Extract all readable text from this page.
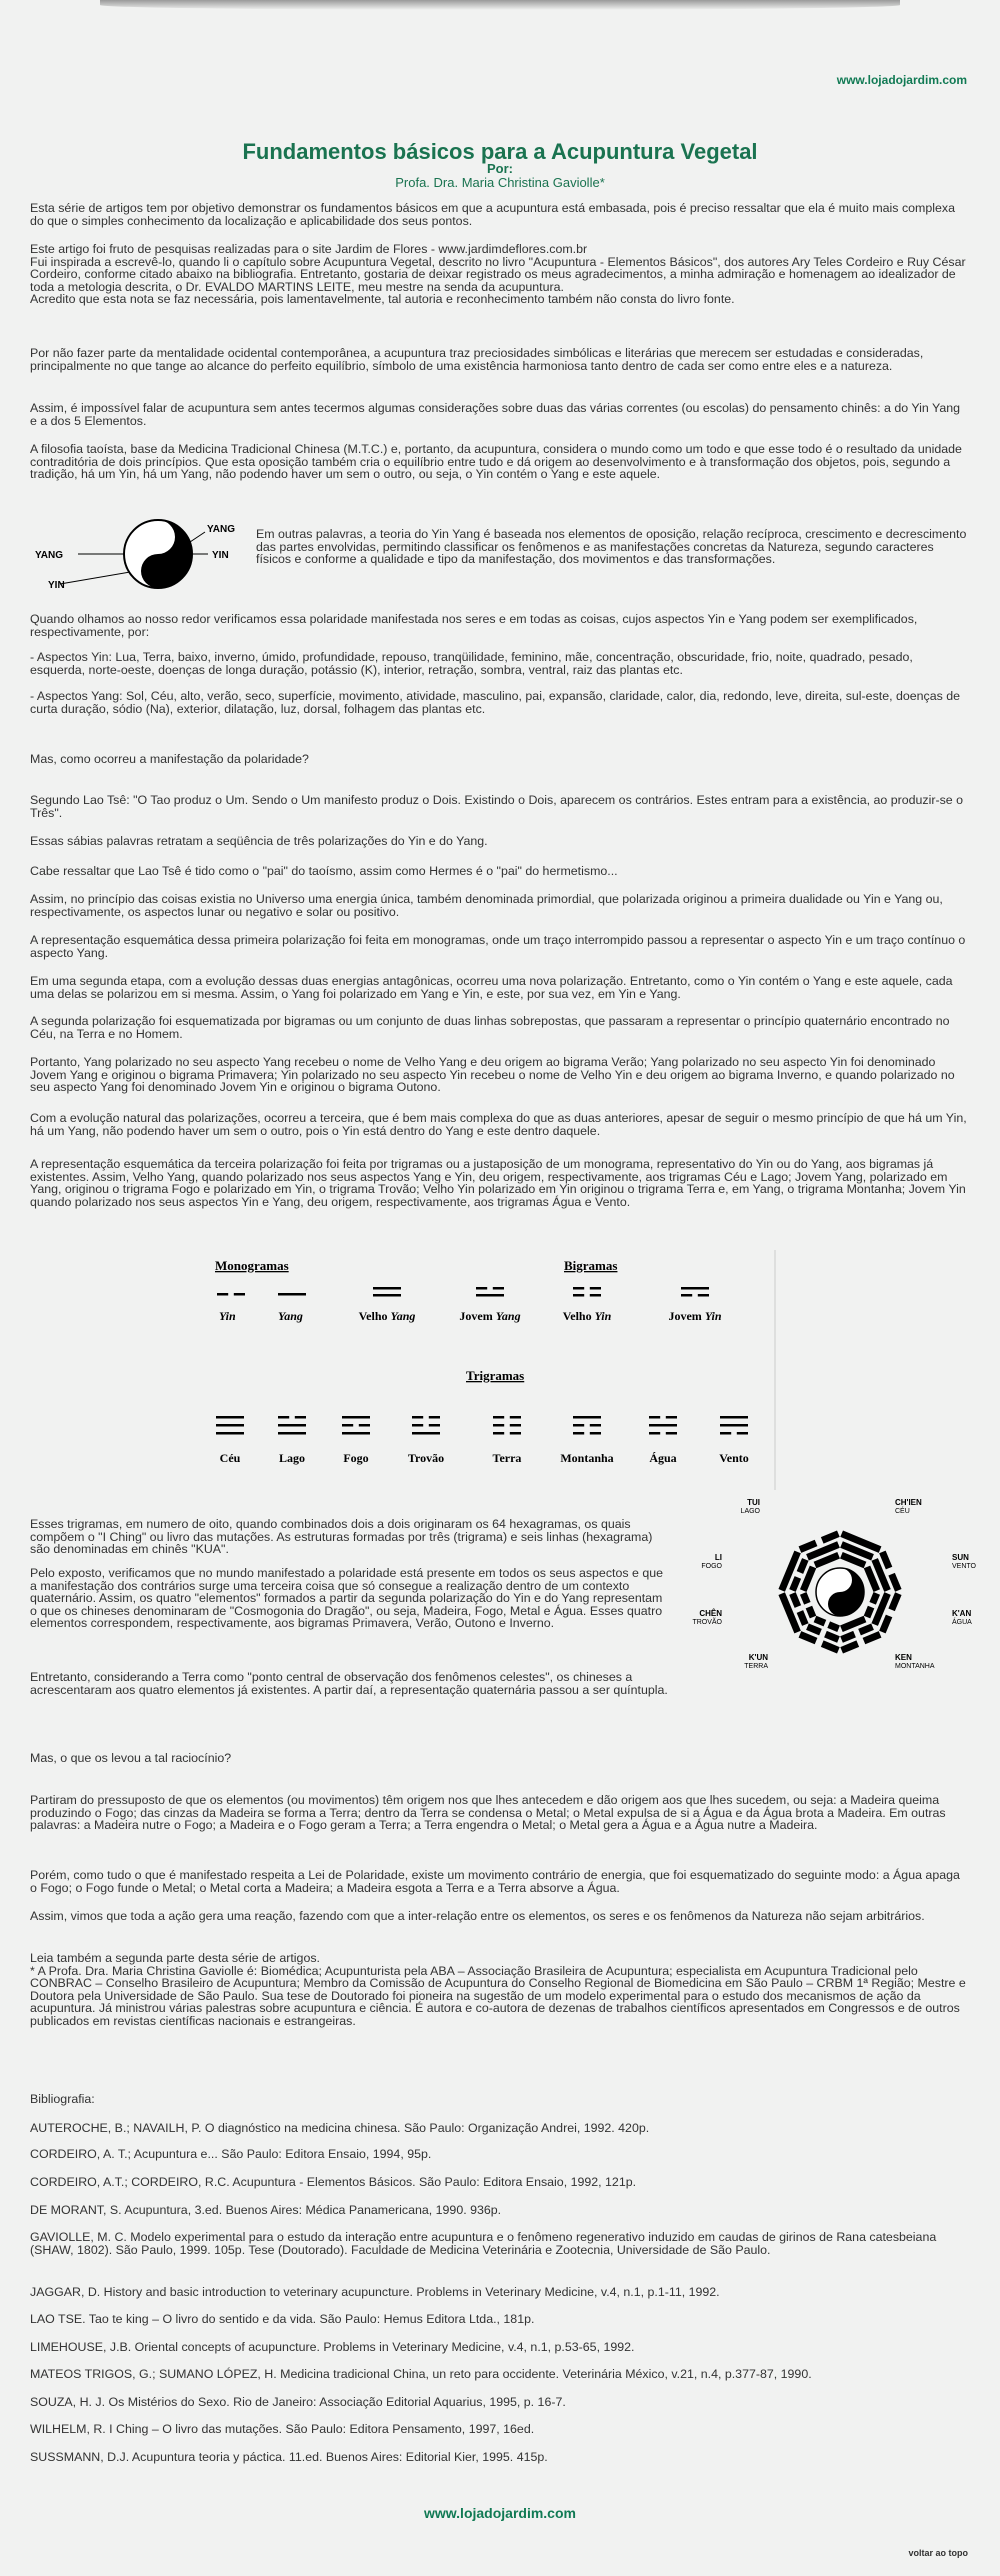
www.lojadojardim.com
Fundamentos básicos para a Acupuntura Vegetal
Por:
Profa. Dra. Maria Christina Gaviolle*

Esta série de artigos tem por objetivo demonstrar os fundamentos básicos em que a acupuntura está embasada, pois é preciso ressaltar que ela é muito mais complexa do que o simples conhecimento da localização e aplicabilidade dos seus pontos.

Este artigo foi fruto de pesquisas realizadas para o site Jardim de Flores - www.jardimdeflores.com.br
Fui inspirada a escrevê-lo, quando li o capítulo sobre Acupuntura Vegetal, descrito no livro "Acupuntura - Elementos Básicos", dos autores Ary Teles Cordeiro e Ruy César Cordeiro, conforme citado abaixo na bibliografia. Entretanto, gostaria de deixar registrado os meus agradecimentos, a minha admiração e homenagem ao idealizador de toda a metologia descrita, o Dr. EVALDO MARTINS LEITE, meu mestre na senda da acupuntura.
Acredito que esta nota se faz necessária, pois lamentavelmente, tal autoria e reconhecimento também não consta do livro fonte.

Por não fazer parte da mentalidade ocidental contemporânea, a acupuntura traz preciosidades simbólicas e literárias que merecem ser estudadas e consideradas, principalmente no que tange ao alcance do perfeito equilíbrio, símbolo de uma existência harmoniosa tanto dentro de cada ser como entre eles e a natureza.

Assim, é impossível falar de acupuntura sem antes tecermos algumas considerações sobre duas das várias correntes (ou escolas) do pensamento chinês: a do Yin Yang e a dos 5 Elementos.

A filosofia taoísta, base da Medicina Tradicional Chinesa (M.T.C.) e, portanto, da acupuntura, considera o mundo como um todo e que esse todo é o resultado da unidade contraditória de dois princípios. Que esta oposição também cria o equilíbrio entre tudo e dá origem ao desenvolvimento e à transformação dos objetos, pois, segundo a tradição, há um Yin, há um Yang, não podendo haver um sem o outro, ou seja, o Yin contém o Yang e este aquele.

Em outras palavras, a teoria do Yin Yang é baseada nos elementos de oposição, relação recíproca, crescimento e decrescimento das partes envolvidas, permitindo classificar os fenômenos e as manifestações concretas da Natureza, segundo caracteres físicos e conforme a qualidade e tipo da manifestação, dos movimentos e das transformações.

Quando olhamos ao nosso redor verificamos essa polaridade manifestada nos seres e em todas as coisas, cujos aspectos Yin e Yang podem ser exemplificados, respectivamente, por:

- Aspectos Yin: Lua, Terra, baixo, inverno, úmido, profundidade, repouso, tranqüilidade, feminino, mãe, concentração, obscuridade, frio, noite, quadrado, pesado, esquerda, norte-oeste, doenças de longa duração, potássio (K), interior, retração, sombra, ventral, raiz das plantas etc.

- Aspectos Yang: Sol, Céu, alto, verão, seco, superfície, movimento, atividade, masculino, pai, expansão, claridade, calor, dia, redondo, leve, direita, sul-este, doenças de curta duração, sódio (Na), exterior, dilatação, luz, dorsal, folhagem das plantas etc.

Mas, como ocorreu a manifestação da polaridade?

Segundo Lao Tsê: "O Tao produz o Um. Sendo o Um manifesto produz o Dois. Existindo o Dois, aparecem os contrários. Estes entram para a existência, ao produzir-se o Três".

Essas sábias palavras retratam a seqüência de três polarizações do Yin e do Yang.

Cabe ressaltar que Lao Tsê é tido como o "pai" do taoísmo, assim como Hermes é o "pai" do hermetismo...

Assim, no princípio das coisas existia no Universo uma energia única, também denominada primordial, que polarizada originou a primeira dualidade ou Yin e Yang ou, respectivamente, os aspectos lunar ou negativo e solar ou positivo.

A representação esquemática dessa primeira polarização foi feita em monogramas, onde um traço interrompido passou a representar o aspecto Yin e um traço contínuo o aspecto Yang.

Em uma segunda etapa, com a evolução dessas duas energias antagônicas, ocorreu uma nova polarização. Entretanto, como o Yin contém o Yang e este aquele, cada uma delas se polarizou em si mesma. Assim, o Yang foi polarizado em Yang e Yin, e este, por sua vez, em Yin e Yang.

A segunda polarização foi esquematizada por bigramas ou um conjunto de duas linhas sobrepostas, que passaram a representar o princípio quaternário encontrado no Céu, na Terra e no Homem.

Portanto, Yang polarizado no seu aspecto Yang recebeu o nome de Velho Yang e deu origem ao bigrama Verão; Yang polarizado no seu aspecto Yin foi denominado Jovem Yang e originou o bigrama Primavera; Yin polarizado no seu aspecto Yin recebeu o nome de Velho Yin e deu origem ao bigrama Inverno, e quando polarizado no seu aspecto Yang foi denominado Jovem Yin e originou o bigrama Outono.

Com a evolução natural das polarizações, ocorreu a terceira, que é bem mais complexa do que as duas anteriores, apesar de seguir o mesmo princípio de que há um Yin, há um Yang, não podendo haver um sem o outro, pois o Yin está dentro do Yang e este dentro daquele.

A representação esquemática da terceira polarização foi feita por trigramas ou a justaposição de um monograma, representativo do Yin ou do Yang, aos bigramas já existentes. Assim, Velho Yang, quando polarizado nos seus aspectos Yang e Yin, deu origem, respectivamente, aos trigramas Céu e Lago; Jovem Yang, polarizado em Yang, originou o trigrama Fogo e polarizado em Yin, o trigrama Trovão; Velho Yin polarizado em Yin originou o trigrama Terra e, em Yang, o trigrama Montanha; Jovem Yin quando polarizado nos seus aspectos Yin e Yang, deu origem, respectivamente, aos trigramas Água e Vento.

Esses trigramas, em numero de oito, quando combinados dois a dois originaram os 64 hexagramas, os quais compõem o "I Ching" ou livro das mutações. As estruturas formadas por três (trigrama) e seis linhas (hexagrama) são denominadas em chinês "KUA".

Pelo exposto, verificamos que no mundo manifestado a polaridade está presente em todos os seus aspectos e que a manifestação dos contrários surge uma terceira coisa que só consegue a realização dentro de um contexto quaternário. Assim, os quatro "elementos" formados a partir da segunda polarização do Yin e do Yang representam o que os chineses denominaram de "Cosmogonia do Dragão", ou seja, Madeira, Fogo, Metal e Água. Esses quatro elementos correspondem, respectivamente, aos bigramas Primavera, Verão, Outono e Inverno.

Entretanto, considerando a Terra como "ponto central de observação dos fenômenos celestes", os chineses a acrescentaram aos quatro elementos já existentes. A partir daí, a representação quaternária passou a ser quíntupla.

Mas, o que os levou a tal raciocínio?

Partiram do pressuposto de que os elementos (ou movimentos) têm origem nos que lhes antecedem e dão origem aos que lhes sucedem, ou seja: a Madeira queima produzindo o Fogo; das cinzas da Madeira se forma a Terra; dentro da Terra se condensa o Metal; o Metal expulsa de si a Água e da Água brota a Madeira. Em outras palavras: a Madeira nutre o Fogo; a Madeira e o Fogo geram a Terra; a Terra engendra o Metal; o Metal gera a Água e a Água nutre a Madeira.

Porém, como tudo o que é manifestado respeita a Lei de Polaridade, existe um movimento contrário de energia, que foi esquematizado do seguinte modo: a Água apaga o Fogo; o Fogo funde o Metal; o Metal corta a Madeira; a Madeira esgota a Terra e a Terra absorve a Água.

Assim, vimos que toda a ação gera uma reação, fazendo com que a inter-relação entre os elementos, os seres e os fenômenos da Natureza não sejam arbitrários.

Leia também a segunda parte desta série de artigos.
* A Profa. Dra. Maria Christina Gaviolle é: Biomédica; Acupunturista pela ABA – Associação Brasileira de Acupuntura; especialista em Acupuntura Tradicional pelo CONBRAC – Conselho Brasileiro de Acupuntura; Membro da Comissão de Acupuntura do Conselho Regional de Biomedicina em São Paulo – CRBM 1ª Região; Mestre e Doutora pela Universidade de São Paulo. Sua tese de Doutorado foi pioneira na sugestão de um modelo experimental para o estudo dos mecanismos de ação da acupuntura. Já ministrou várias palestras sobre acupuntura e ciência. É autora e co-autora de dezenas de trabalhos científicos apresentados em Congressos e de outros publicados em revistas científicas nacionais e estrangeiras.

Bibliografia:

AUTEROCHE, B.; NAVAILH, P. O diagnóstico na medicina chinesa. São Paulo: Organização Andrei, 1992. 420p.

CORDEIRO, A. T.; Acupuntura e... São Paulo: Editora Ensaio, 1994, 95p.

CORDEIRO, A.T.; CORDEIRO, R.C. Acupuntura - Elementos Básicos. São Paulo: Editora Ensaio, 1992, 121p.

DE MORANT, S. Acupuntura, 3.ed. Buenos Aires: Médica Panamericana, 1990. 936p.

GAVIOLLE, M. C. Modelo experimental para o estudo da interação entre acupuntura e o fenômeno regenerativo induzido em caudas de girinos de Rana catesbeiana (SHAW, 1802). São Paulo, 1999. 105p. Tese (Doutorado). Faculdade de Medicina Veterinária e Zootecnia, Universidade de São Paulo.

JAGGAR, D. History and basic introduction to veterinary acupuncture. Problems in Veterinary Medicine, v.4, n.1, p.1-11, 1992.

LAO TSE. Tao te king – O livro do sentido e da vida. São Paulo: Hemus Editora Ltda., 181p.

LIMEHOUSE, J.B. Oriental concepts of acupuncture. Problems in Veterinary Medicine, v.4, n.1, p.53-65, 1992.

MATEOS TRIGOS, G.; SUMANO LÓPEZ, H. Medicina tradicional China, un reto para occidente. Veterinária México, v.21, n.4, p.377-87, 1990.

SOUZA, H. J. Os Mistérios do Sexo. Rio de Janeiro: Associação Editorial Aquarius, 1995, p. 16-7.

WILHELM, R. I Ching – O livro das mutações. São Paulo: Editora Pensamento, 1997, 16ed.

SUSSMANN, D.J. Acupuntura teoria y páctica. 11.ed. Buenos Aires: Editorial Kier, 1995. 415p.

YANG
YIN
YANG
YIN
Monogramas	Bigramas
Trigramas
Yin	Yang	Velho Yang	Jovem Yang	Velho Yin	Jovem Yin
Céu	Lago	Fogo	Trovão	Terra	Montanha	Água	Vento
TUI
LAGO
CH'IEN
CÉU
SUN
VENTO
K'AN
ÁGUA
KEN
MONTANHA
K'UN
TERRA
CHÊN
TROVÃO
LI
FOGO
www.lojadojardim.com
voltar ao topo
